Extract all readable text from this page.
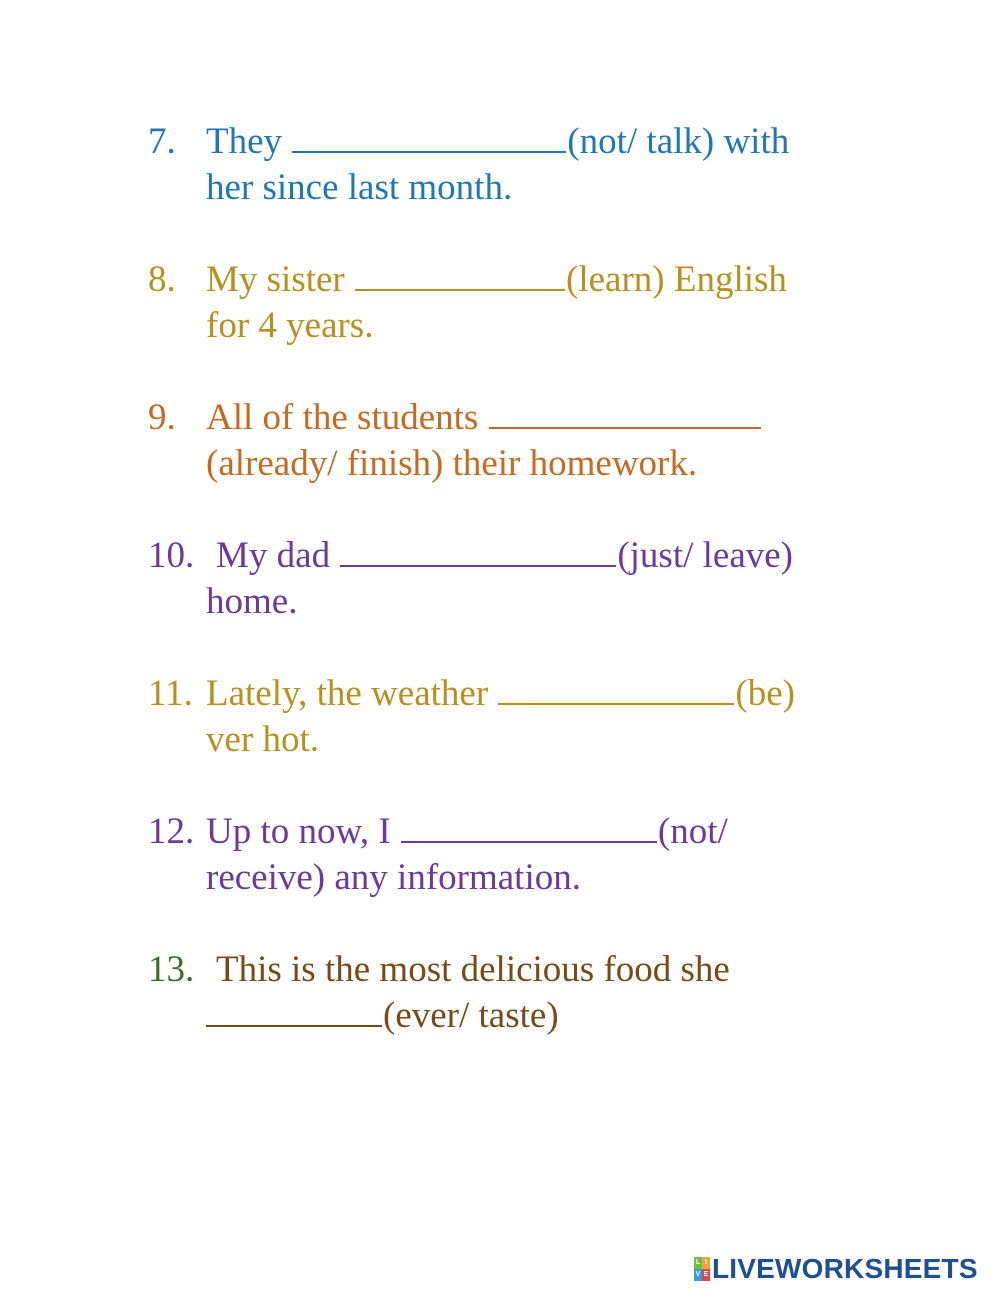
7. They	(not/ talk) with
her since last month.
8. My sister	(learn) English
for 4 years.
9. All of the students
(already/ finish) their homework.
10. My dad	(just/ leave)
home.
11. Lately, the weather	(be)
ver hot.
12. Up to now, I	(not/
receive) any information.
13. This is the most delicious food she
(ever/ taste)
L I
V E LIVEWORKSHEETS
